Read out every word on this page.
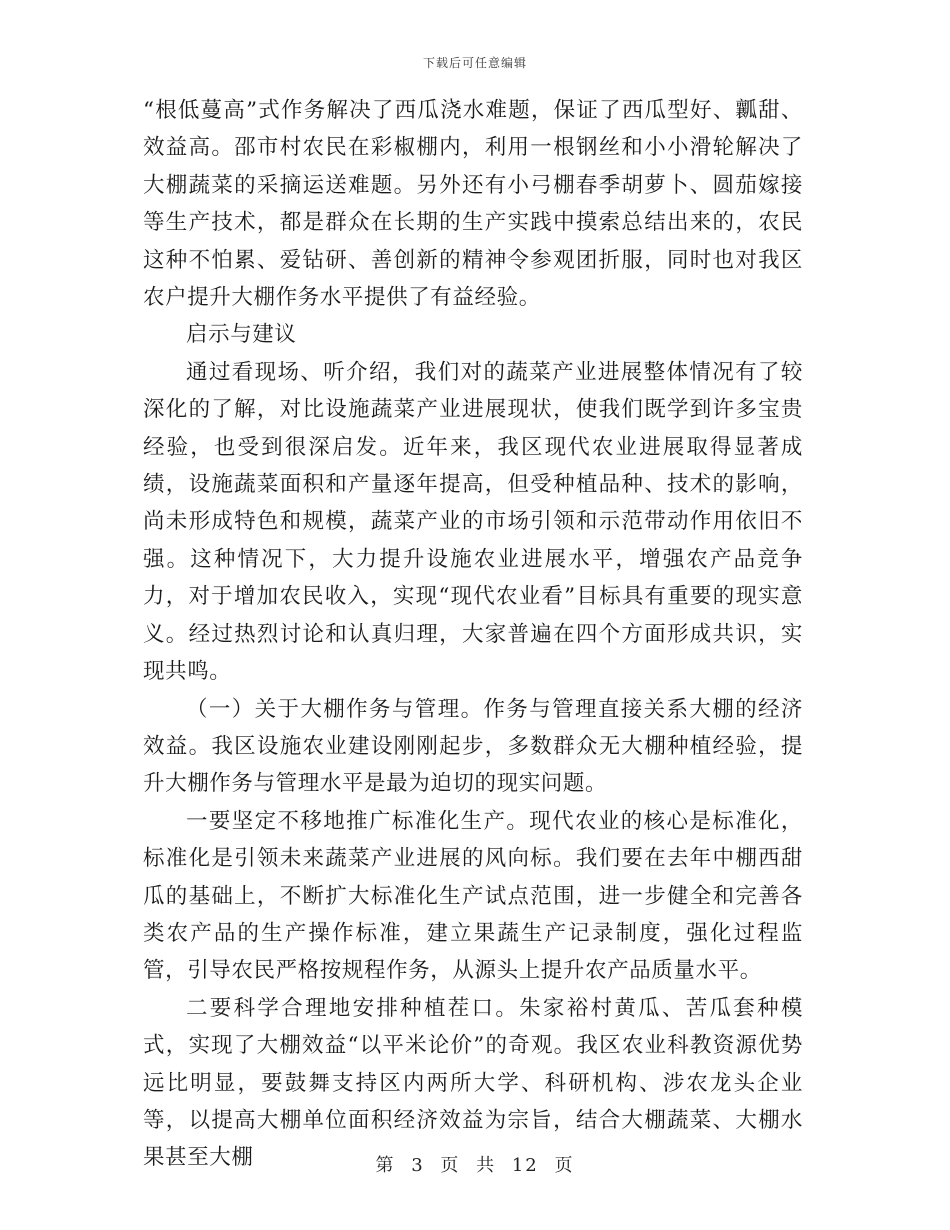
下载后可任意编辑

“根低蔓高”式作务解决了西瓜浇水难题，保证了西瓜型好、瓤甜、效益高。邵市村农民在彩椒棚内，利用一根钢丝和小小滑轮解决了大棚蔬菜的采摘运送难题。另外还有小弓棚春季胡萝卜、圆茄嫁接等生产技术，都是群众在长期的生产实践中摸索总结出来的，农民这种不怕累、爱钻研、善创新的精神令参观团折服，同时也对我区农户提升大棚作务水平提供了有益经验。

启示与建议

通过看现场、听介绍，我们对的蔬菜产业进展整体情况有了较深化的了解，对比设施蔬菜产业进展现状，使我们既学到许多宝贵经验，也受到很深启发。近年来，我区现代农业进展取得显著成绩，设施蔬菜面积和产量逐年提高，但受种植品种、技术的影响，尚未形成特色和规模，蔬菜产业的市场引领和示范带动作用依旧不强。这种情况下，大力提升设施农业进展水平，增强农产品竞争力，对于增加农民收入，实现“现代农业看”目标具有重要的现实意义。经过热烈讨论和认真归理，大家普遍在四个方面形成共识，实现共鸣。

（一）关于大棚作务与管理。作务与管理直接关系大棚的经济效益。我区设施农业建设刚刚起步，多数群众无大棚种植经验，提升大棚作务与管理水平是最为迫切的现实问题。

一要坚定不移地推广标准化生产。现代农业的核心是标准化，标准化是引领未来蔬菜产业进展的风向标。我们要在去年中棚西甜瓜的基础上，不断扩大标准化生产试点范围，进一步健全和完善各类农产品的生产操作标准，建立果蔬生产记录制度，强化过程监管，引导农民严格按规程作务，从源头上提升农产品质量水平。

二要科学合理地安排种植茬口。朱家裕村黄瓜、苦瓜套种模式，实现了大棚效益“以平米论价”的奇观。我区农业科教资源优势远比明显，要鼓舞支持区内两所大学、科研机构、涉农龙头企业等，以提高大棚单位面积经济效益为宗旨，结合大棚蔬菜、大棚水果甚至大棚	第 3 页 共 12 页
